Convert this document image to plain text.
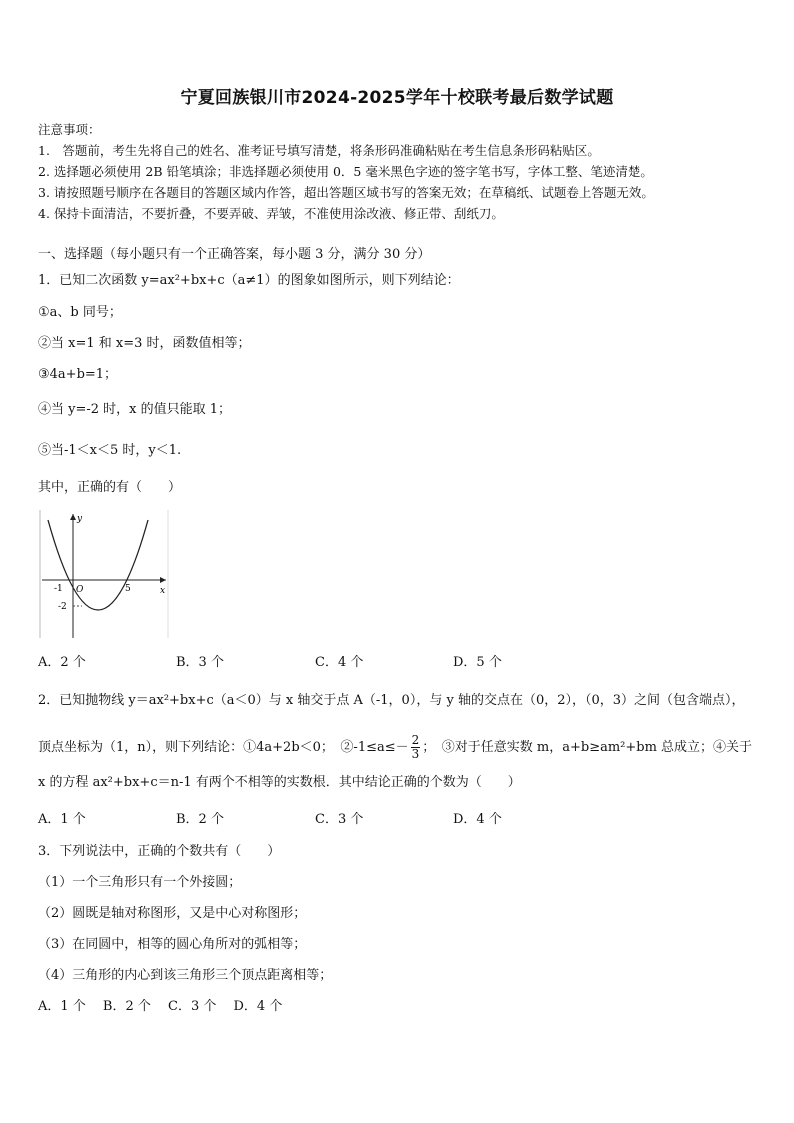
宁夏回族银川市2024-2025学年十校联考最后数学试题
注意事项：
1.　答题前，考生先将自己的姓名、准考证号填写清楚，将条形码准确粘贴在考生信息条形码粘贴区。
2. 选择题必须使用 2B 铅笔填涂；非选择题必须使用 0．5 毫米黑色字迹的签字笔书写，字体工整、笔迹清楚。
3. 请按照题号顺序在各题目的答题区域内作答，超出答题区域书写的答案无效；在草稿纸、试题卷上答题无效。
4. 保持卡面清洁，不要折叠，不要弄破、弄皱，不准使用涂改液、修正带、刮纸刀。
一、选择题（每小题只有一个正确答案，每小题 3 分，满分 30 分）
1．已知二次函数 y=ax²+bx+c（a≠1）的图象如图所示，则下列结论：
①a、b 同号；
②当 x=1 和 x=3 时，函数值相等；
③4a+b=1；
④当 y=-2 时，x 的值只能取 1；
⑤当-1＜x＜5 时，y＜1.
其中，正确的有（　　）
y
x
O
-1	5
-2
A．2 个	B．3 个	C．4 个	D．5 个
2．已知抛物线 y＝ax²+bx+c（a＜0）与 x 轴交于点 A（-1，0），与 y 轴的交点在（0，2），（0，3）之间（包含端点），
顶点坐标为（1，n），则下列结论：①4a+2b＜0；　②-1≤a≤－ $\frac{2}{3}$ ；　③对于任意实数 m，a+b≥am²+bm 总成立；④关于
x 的方程 ax²+bx+c＝n-1 有两个不相等的实数根．其中结论正确的个数为（　　）
A．1 个	B．2 个	C．3 个	D．4 个
3．下列说法中，正确的个数共有（　　）
（1）一个三角形只有一个外接圆；
（2）圆既是轴对称图形，又是中心对称图形；
（3）在同圆中，相等的圆心角所对的弧相等；
（4）三角形的内心到该三角形三个顶点距离相等；
A．1 个　 B．2 个　 C．3 个　 D．4 个
